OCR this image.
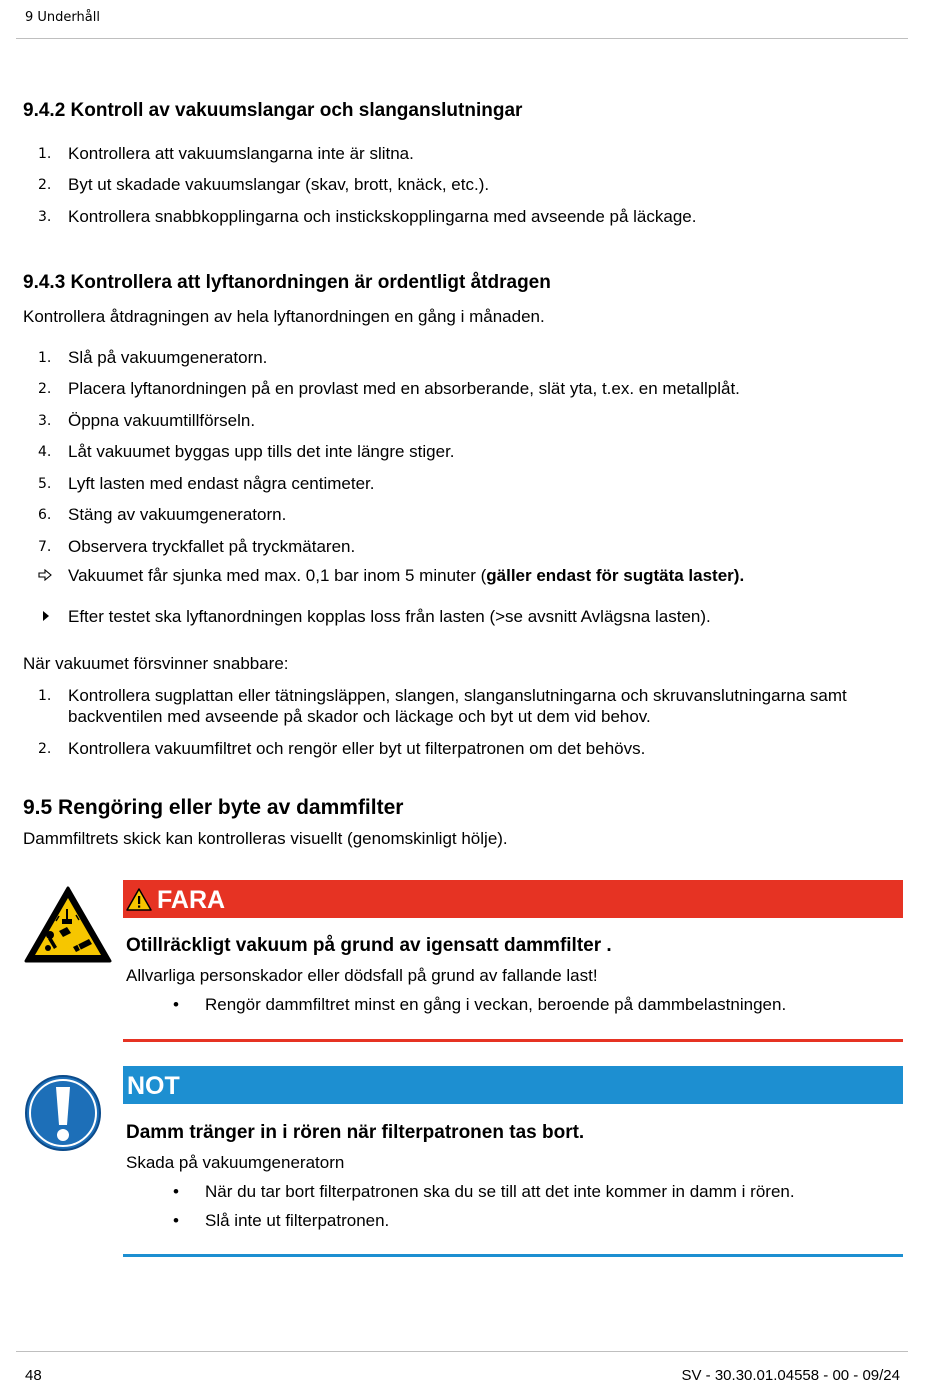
9 Underhåll
9.4.2 Kontroll av vakuumslangar och slanganslutningar
1. Kontrollera att vakuumslangarna inte är slitna.
2. Byt ut skadade vakuumslangar (skav, brott, knäck, etc.).
3. Kontrollera snabbkopplingarna och instickskopplingarna med avseende på läckage.
9.4.3 Kontrollera att lyftanordningen är ordentligt åtdragen
Kontrollera åtdragningen av hela lyftanordningen en gång i månaden.
1. Slå på vakuumgeneratorn.
2. Placera lyftanordningen på en provlast med en absorberande, slät yta, t.ex. en metallplåt.
3. Öppna vakuumtillförseln.
4. Låt vakuumet byggas upp tills det inte längre stiger.
5. Lyft lasten med endast några centimeter.
6. Stäng av vakuumgeneratorn.
7. Observera tryckfallet på tryckmätaren.
Vakuumet får sjunka med max. 0,1 bar inom 5 minuter (gäller endast för sugtäta laster).
Efter testet ska lyftanordningen kopplas loss från lasten (>se avsnitt Avlägsna lasten).
När vakuumet försvinner snabbare:
1. Kontrollera sugplattan eller tätningsläppen, slangen, slanganslutningarna och skruvanslutningarna samt backventilen med avseende på skador och läckage och byt ut dem vid behov.
2. Kontrollera vakuumfiltret och rengör eller byt ut filterpatronen om det behövs.
9.5 Rengöring eller byte av dammfilter
Dammfiltrets skick kan kontrolleras visuellt (genomskinligt hölje).
FARA
Otillräckligt vakuum på grund av igensatt dammfilter .
Allvarliga personskador eller dödsfall på grund av fallande last!
• Rengör dammfiltret minst en gång i veckan, beroende på dammbelastningen.
NOT
Damm tränger in i rören när filterpatronen tas bort.
Skada på vakuumgeneratorn
• När du tar bort filterpatronen ska du se till att det inte kommer in damm i rören.
• Slå inte ut filterpatronen.
48	SV - 30.30.01.04558 - 00 - 09/24
